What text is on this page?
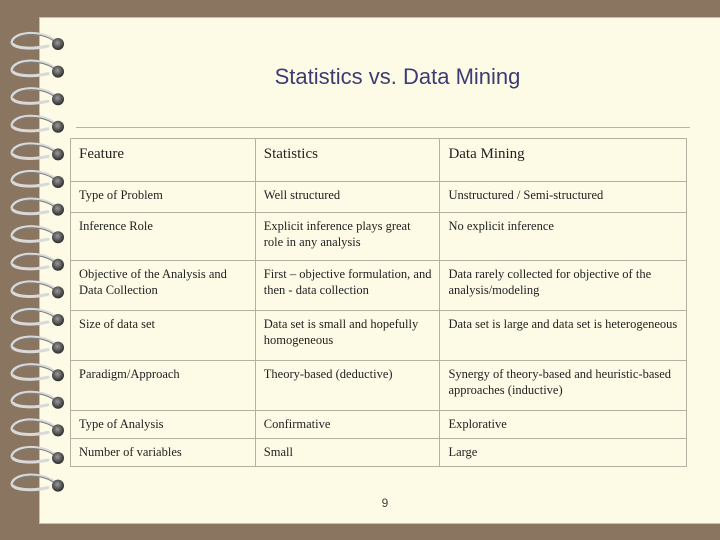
Statistics vs. Data Mining
Feature	Statistics	Data Mining
Type of Problem	Well structured	Unstructured / Semi-structured
Inference Role	Explicit inference plays great role in any analysis	No explicit inference
Objective of the Analysis and Data Collection	First – objective formulation, and then - data collection	Data rarely collected for objective of the analysis/modeling
Size of data set	Data set is small and hopefully homogeneous	Data set is large and data set is heterogeneous
Paradigm/Approach	Theory-based (deductive)	Synergy of theory-based and heuristic-based approaches (inductive)
Type of Analysis	Confirmative	Explorative
Number of variables	Small	Large
9
